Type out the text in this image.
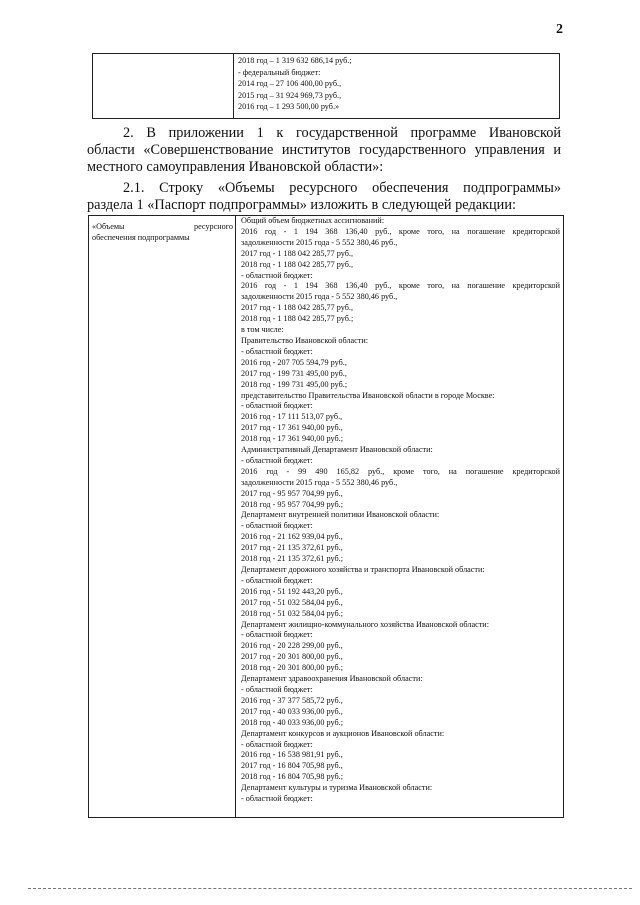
2

2018 год – 1 319 632 686,14 руб.;
- федеральный бюджет:
2014 год – 27 106 400,00 руб.,
2015 год – 31 924 969,73 руб.,
2016 год – 1 293 500,00 руб.»
2. В приложении 1 к государственной программе Ивановской
области «Совершенствование институтов государственного управления и
местного самоуправления Ивановской области»:
2.1. Строку «Объемы ресурсного обеспечения подпрограммы»
раздела 1 «Паспорт подпрограммы» изложить в следующей редакции:
«Объемы	ресурсного
обеспечения подпрограммы

Общий объем бюджетных ассигнований:
2016 год - 1 194 368 136,40 руб., кроме того, на погашение кредиторской
задолженности 2015 года - 5 552 380,46 руб.,
2017 год - 1 188 042 285,77 руб.,
2018 год - 1 188 042 285,77 руб.,
- областной бюджет:
2016 год - 1 194 368 136,40 руб., кроме того, на погашение кредиторской
задолженности 2015 года - 5 552 380,46 руб.,
2017 год - 1 188 042 285,77 руб.,
2018 год - 1 188 042 285,77 руб.;
в том числе:
Правительство Ивановской области:
- областной бюджет:
2016 год - 207 705 594,79 руб.,
2017 год - 199 731 495,00 руб.,
2018 год - 199 731 495,00 руб.;
представительство Правительства Ивановской области в городе Москве:
- областной бюджет:
2016 год - 17 111 513,07 руб.,
2017 год - 17 361 940,00 руб.,
2018 год - 17 361 940,00 руб.;
Административный Департамент Ивановской области:
- областной бюджет:
2016 год - 99 490 165,82 руб., кроме того, на погашение кредиторской
задолженности 2015 года - 5 552 380,46 руб.,
2017 год - 95 957 704,99 руб.,
2018 год - 95 957 704,99 руб.;
Департамент внутренней политики Ивановской области:
- областной бюджет:
2016 год - 21 162 939,04 руб.,
2017 год - 21 135 372,61 руб.,
2018 год - 21 135 372,61 руб.;
Департамент дорожного хозяйства и транспорта Ивановской области:
- областной бюджет:
2016 год - 51 192 443,20 руб.,
2017 год - 51 032 584,04 руб.,
2018 год - 51 032 584,04 руб.;
Департамент жилищно-коммунального хозяйства Ивановской области:
- областной бюджет:
2016 год - 20 228 299,00 руб.,
2017 год - 20 301 800,00 руб.,
2018 год - 20 301 800,00 руб.;
Департамент здравоохранения Ивановской области:
- областной бюджет:
2016 год - 37 377 585,72 руб.,
2017 год - 40 033 936,00 руб.,
2018 год - 40 033 936,00 руб.;
Департамент конкурсов и аукционов Ивановской области:
- областной бюджет:
2016 год - 16 538 981,91 руб.,
2017 год - 16 804 705,98 руб.,
2018 год - 16 804 705,98 руб.;
Департамент культуры и туризма Ивановской области:
- областной бюджет:
